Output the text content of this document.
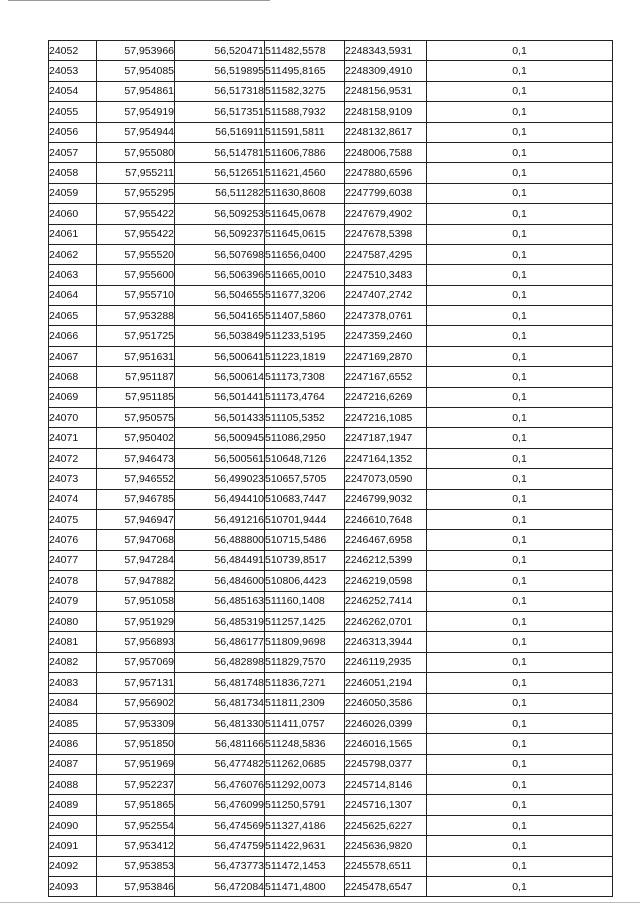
24052	57,953966	56,520471	511482,5578	2248343,5931	0,1
24053	57,954085	56,519895	511495,8165	2248309,4910	0,1
24054	57,954861	56,517318	511582,3275	2248156,9531	0,1
24055	57,954919	56,517351	511588,7932	2248158,9109	0,1
24056	57,954944	56,516911	511591,5811	2248132,8617	0,1
24057	57,955080	56,514781	511606,7886	2248006,7588	0,1
24058	57,955211	56,512651	511621,4560	2247880,6596	0,1
24059	57,955295	56,511282	511630,8608	2247799,6038	0,1
24060	57,955422	56,509253	511645,0678	2247679,4902	0,1
24061	57,955422	56,509237	511645,0615	2247678,5398	0,1
24062	57,955520	56,507698	511656,0400	2247587,4295	0,1
24063	57,955600	56,506396	511665,0010	2247510,3483	0,1
24064	57,955710	56,504655	511677,3206	2247407,2742	0,1
24065	57,953288	56,504165	511407,5860	2247378,0761	0,1
24066	57,951725	56,503849	511233,5195	2247359,2460	0,1
24067	57,951631	56,500641	511223,1819	2247169,2870	0,1
24068	57,951187	56,500614	511173,7308	2247167,6552	0,1
24069	57,951185	56,501441	511173,4764	2247216,6269	0,1
24070	57,950575	56,501433	511105,5352	2247216,1085	0,1
24071	57,950402	56,500945	511086,2950	2247187,1947	0,1
24072	57,946473	56,500561	510648,7126	2247164,1352	0,1
24073	57,946552	56,499023	510657,5705	2247073,0590	0,1
24074	57,946785	56,494410	510683,7447	2246799,9032	0,1
24075	57,946947	56,491216	510701,9444	2246610,7648	0,1
24076	57,947068	56,488800	510715,5486	2246467,6958	0,1
24077	57,947284	56,484491	510739,8517	2246212,5399	0,1
24078	57,947882	56,484600	510806,4423	2246219,0598	0,1
24079	57,951058	56,485163	511160,1408	2246252,7414	0,1
24080	57,951929	56,485319	511257,1425	2246262,0701	0,1
24081	57,956893	56,486177	511809,9698	2246313,3944	0,1
24082	57,957069	56,482898	511829,7570	2246119,2935	0,1
24083	57,957131	56,481748	511836,7271	2246051,2194	0,1
24084	57,956902	56,481734	511811,2309	2246050,3586	0,1
24085	57,953309	56,481330	511411,0757	2246026,0399	0,1
24086	57,951850	56,481166	511248,5836	2246016,1565	0,1
24087	57,951969	56,477482	511262,0685	2245798,0377	0,1
24088	57,952237	56,476076	511292,0073	2245714,8146	0,1
24089	57,951865	56,476099	511250,5791	2245716,1307	0,1
24090	57,952554	56,474569	511327,4186	2245625,6227	0,1
24091	57,953412	56,474759	511422,9631	2245636,9820	0,1
24092	57,953853	56,473773	511472,1453	2245578,6511	0,1
24093	57,953846	56,472084	511471,4800	2245478,6547	0,1
